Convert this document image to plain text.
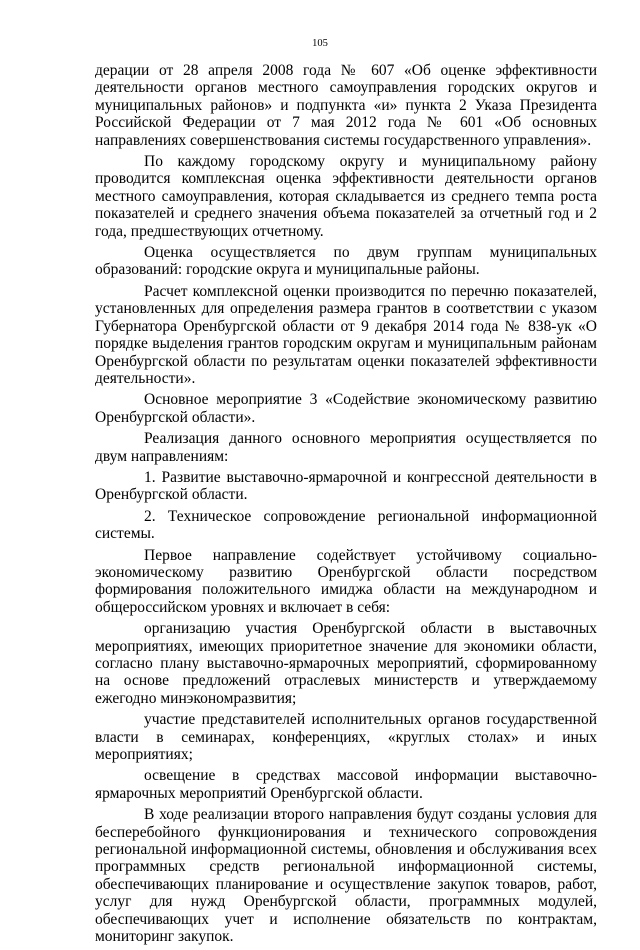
105

дерации от 28 апреля 2008 года № 607 «Об оценке эффективности деятельности органов местного самоуправления городских округов и муниципальных районов» и подпункта «и» пункта 2 Указа Президента Российской Федерации от 7 мая 2012 года № 601 «Об основных направлениях совершенствования системы государственного управления».

По каждому городскому округу и муниципальному району проводится комплексная оценка эффективности деятельности органов местного самоуправления, которая складывается из среднего темпа роста показателей и среднего значения объема показателей за отчетный год и 2 года, предшествующих отчетному.

Оценка осуществляется по двум группам муниципальных образований: городские округа и муниципальные районы.

Расчет комплексной оценки производится по перечню показателей, установленных для определения размера грантов в соответствии с указом Губернатора Оренбургской области от 9 декабря 2014 года № 838-ук «О порядке выделения грантов городским округам и муниципальным районам Оренбургской области по результатам оценки показателей эффективности деятельности».

Основное мероприятие 3 «Содействие экономическому развитию Оренбургской области».

Реализация данного основного мероприятия осуществляется по двум направлениям:

1. Развитие выставочно-ярмарочной и конгрессной деятельности в Оренбургской области.

2. Техническое сопровождение региональной информационной системы.

Первое направление содействует устойчивому социально-экономическому развитию Оренбургской области посредством формирования положительного имиджа области на международном и общероссийском уровнях и включает в себя:

организацию участия Оренбургской области в выставочных мероприятиях, имеющих приоритетное значение для экономики области, согласно плану выставочно-ярмарочных мероприятий, сформированному на основе предложений отраслевых министерств и утверждаемому ежегодно минэкономразвития;

участие представителей исполнительных органов государственной власти в семинарах, конференциях, «круглых столах» и иных мероприятиях;

освещение в средствах массовой информации выставочно-ярмарочных мероприятий Оренбургской области.

В ходе реализации второго направления будут созданы условия для бесперебойного функционирования и технического сопровождения региональной информационной системы, обновления и обслуживания всех программных средств региональной информационной системы, обеспечивающих планирование и осуществление закупок товаров, работ, услуг для нужд Оренбургской области, программных модулей, обеспечивающих учет и исполнение обязательств по контрактам, мониторинг закупок.
